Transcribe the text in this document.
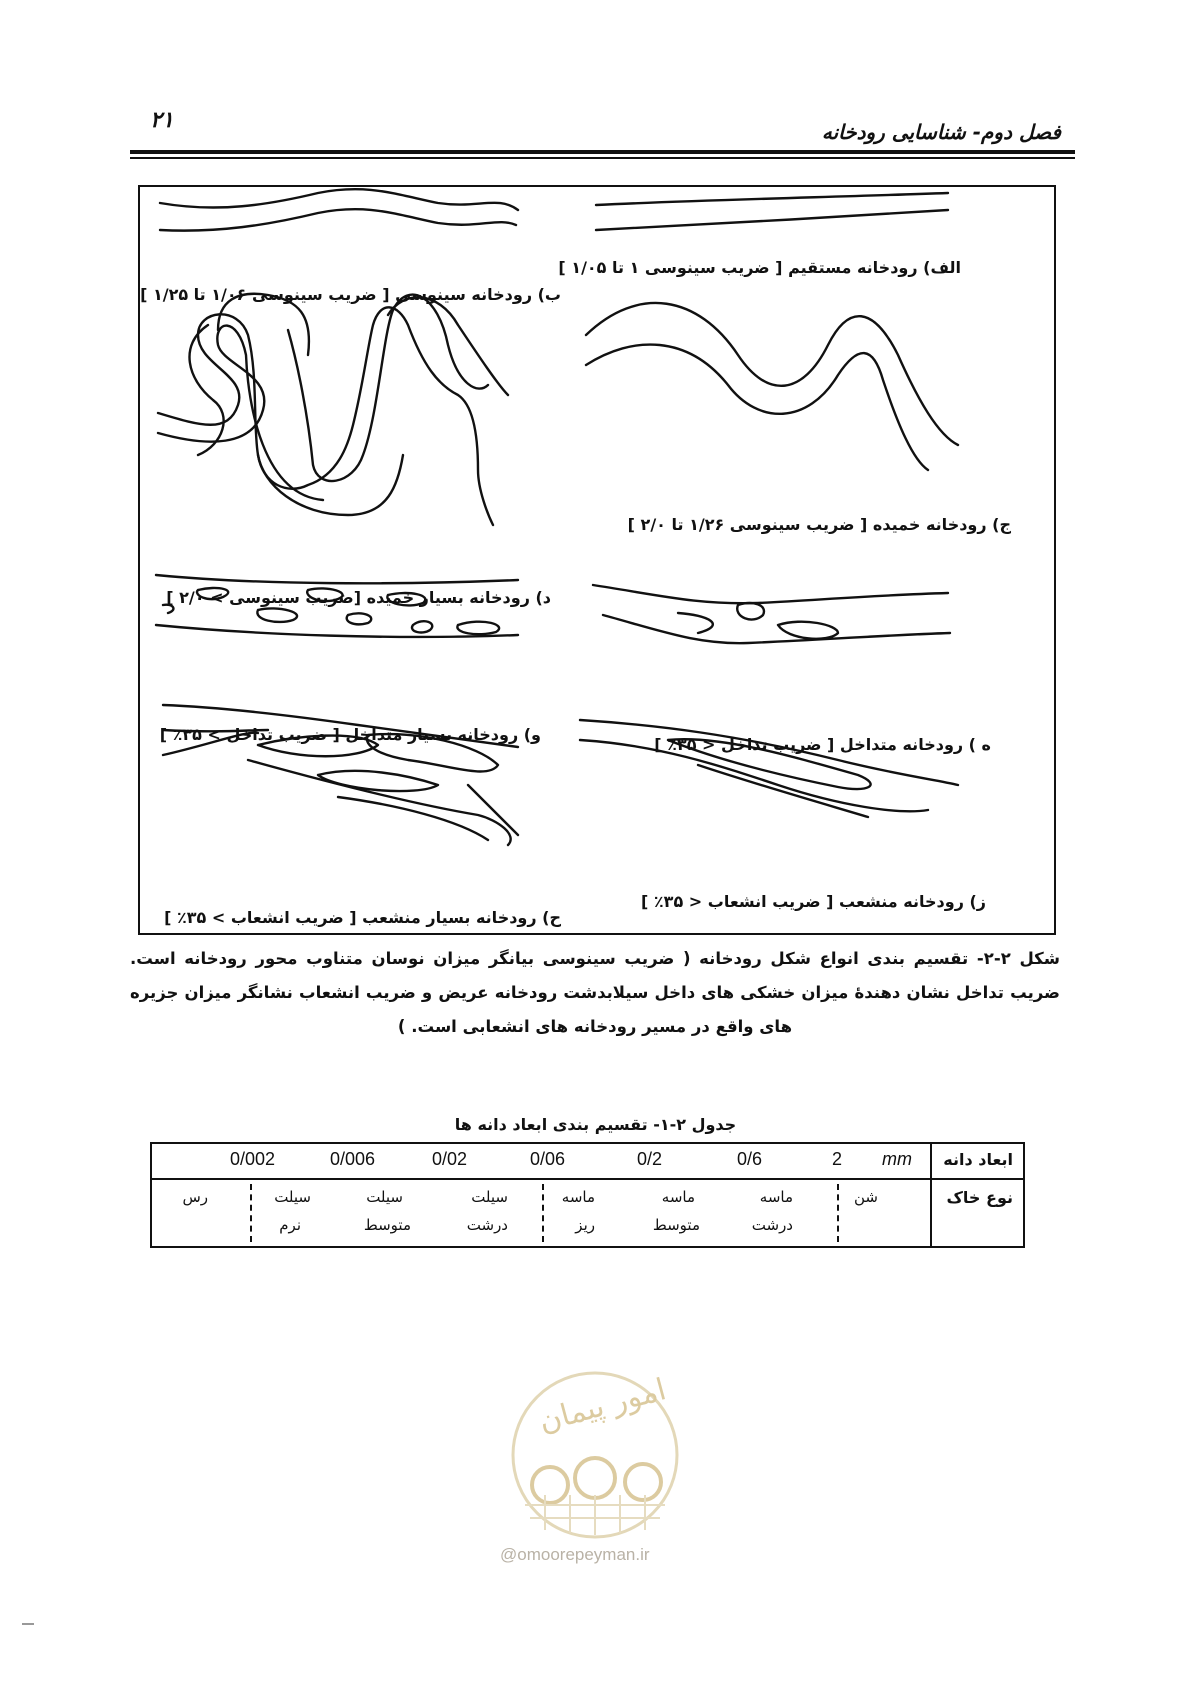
۲۱	فصل دوم- شناسایی رودخانه
الف) رودخانه مستقیم [ ضریب سینوسی ۱ تا ۱/۰۵ ]
ب) رودخانه سینوسی [ ضریب سینوسی ۱/۰۶ تا ۱/۲۵ ]
ج) رودخانه خمیده [ ضریب سینوسی ۱/۲۶ تا ۲/۰ ]
د) رودخانه بسیار خمیده [ضریب سینوسی > ۲/۰ ]
ه ) رودخانه متداخل [ ضریب تداخل < ۳۵٪ ]
و) رودخانه بسیار متداخل [ ضریب تداخل > ۳۵٪ ]
ز) رودخانه منشعب [ ضریب انشعاب < ۳۵٪ ]
ح) رودخانه بسیار منشعب [ ضریب انشعاب > ۳۵٪ ]
شکل ۲-۲- تقسیم بندی انواع شکل رودخانه ( ضریب سینوسی بیانگر میزان نوسان متناوب محور رودخانه است. ضریب تداخل نشان دهندهٔ میزان خشکی های داخل سیلابدشت رودخانه عریض و ضریب انشعاب نشانگر میزان جزیره های واقع در مسیر رودخانه های انشعابی است. )
جدول ۲-۱- تقسیم بندی ابعاد دانه ها
ابعاد دانه
mm
2
0/6
0/2
0/06
0/02
0/006
0/002
نوع خاک
شن
ماسه
درشت
ماسه
متوسط
ماسه
ریز
سیلت
درشت
سیلت
متوسط
سیلت
نرم
رس
امور پیمان
@omoorepeyman.ir
